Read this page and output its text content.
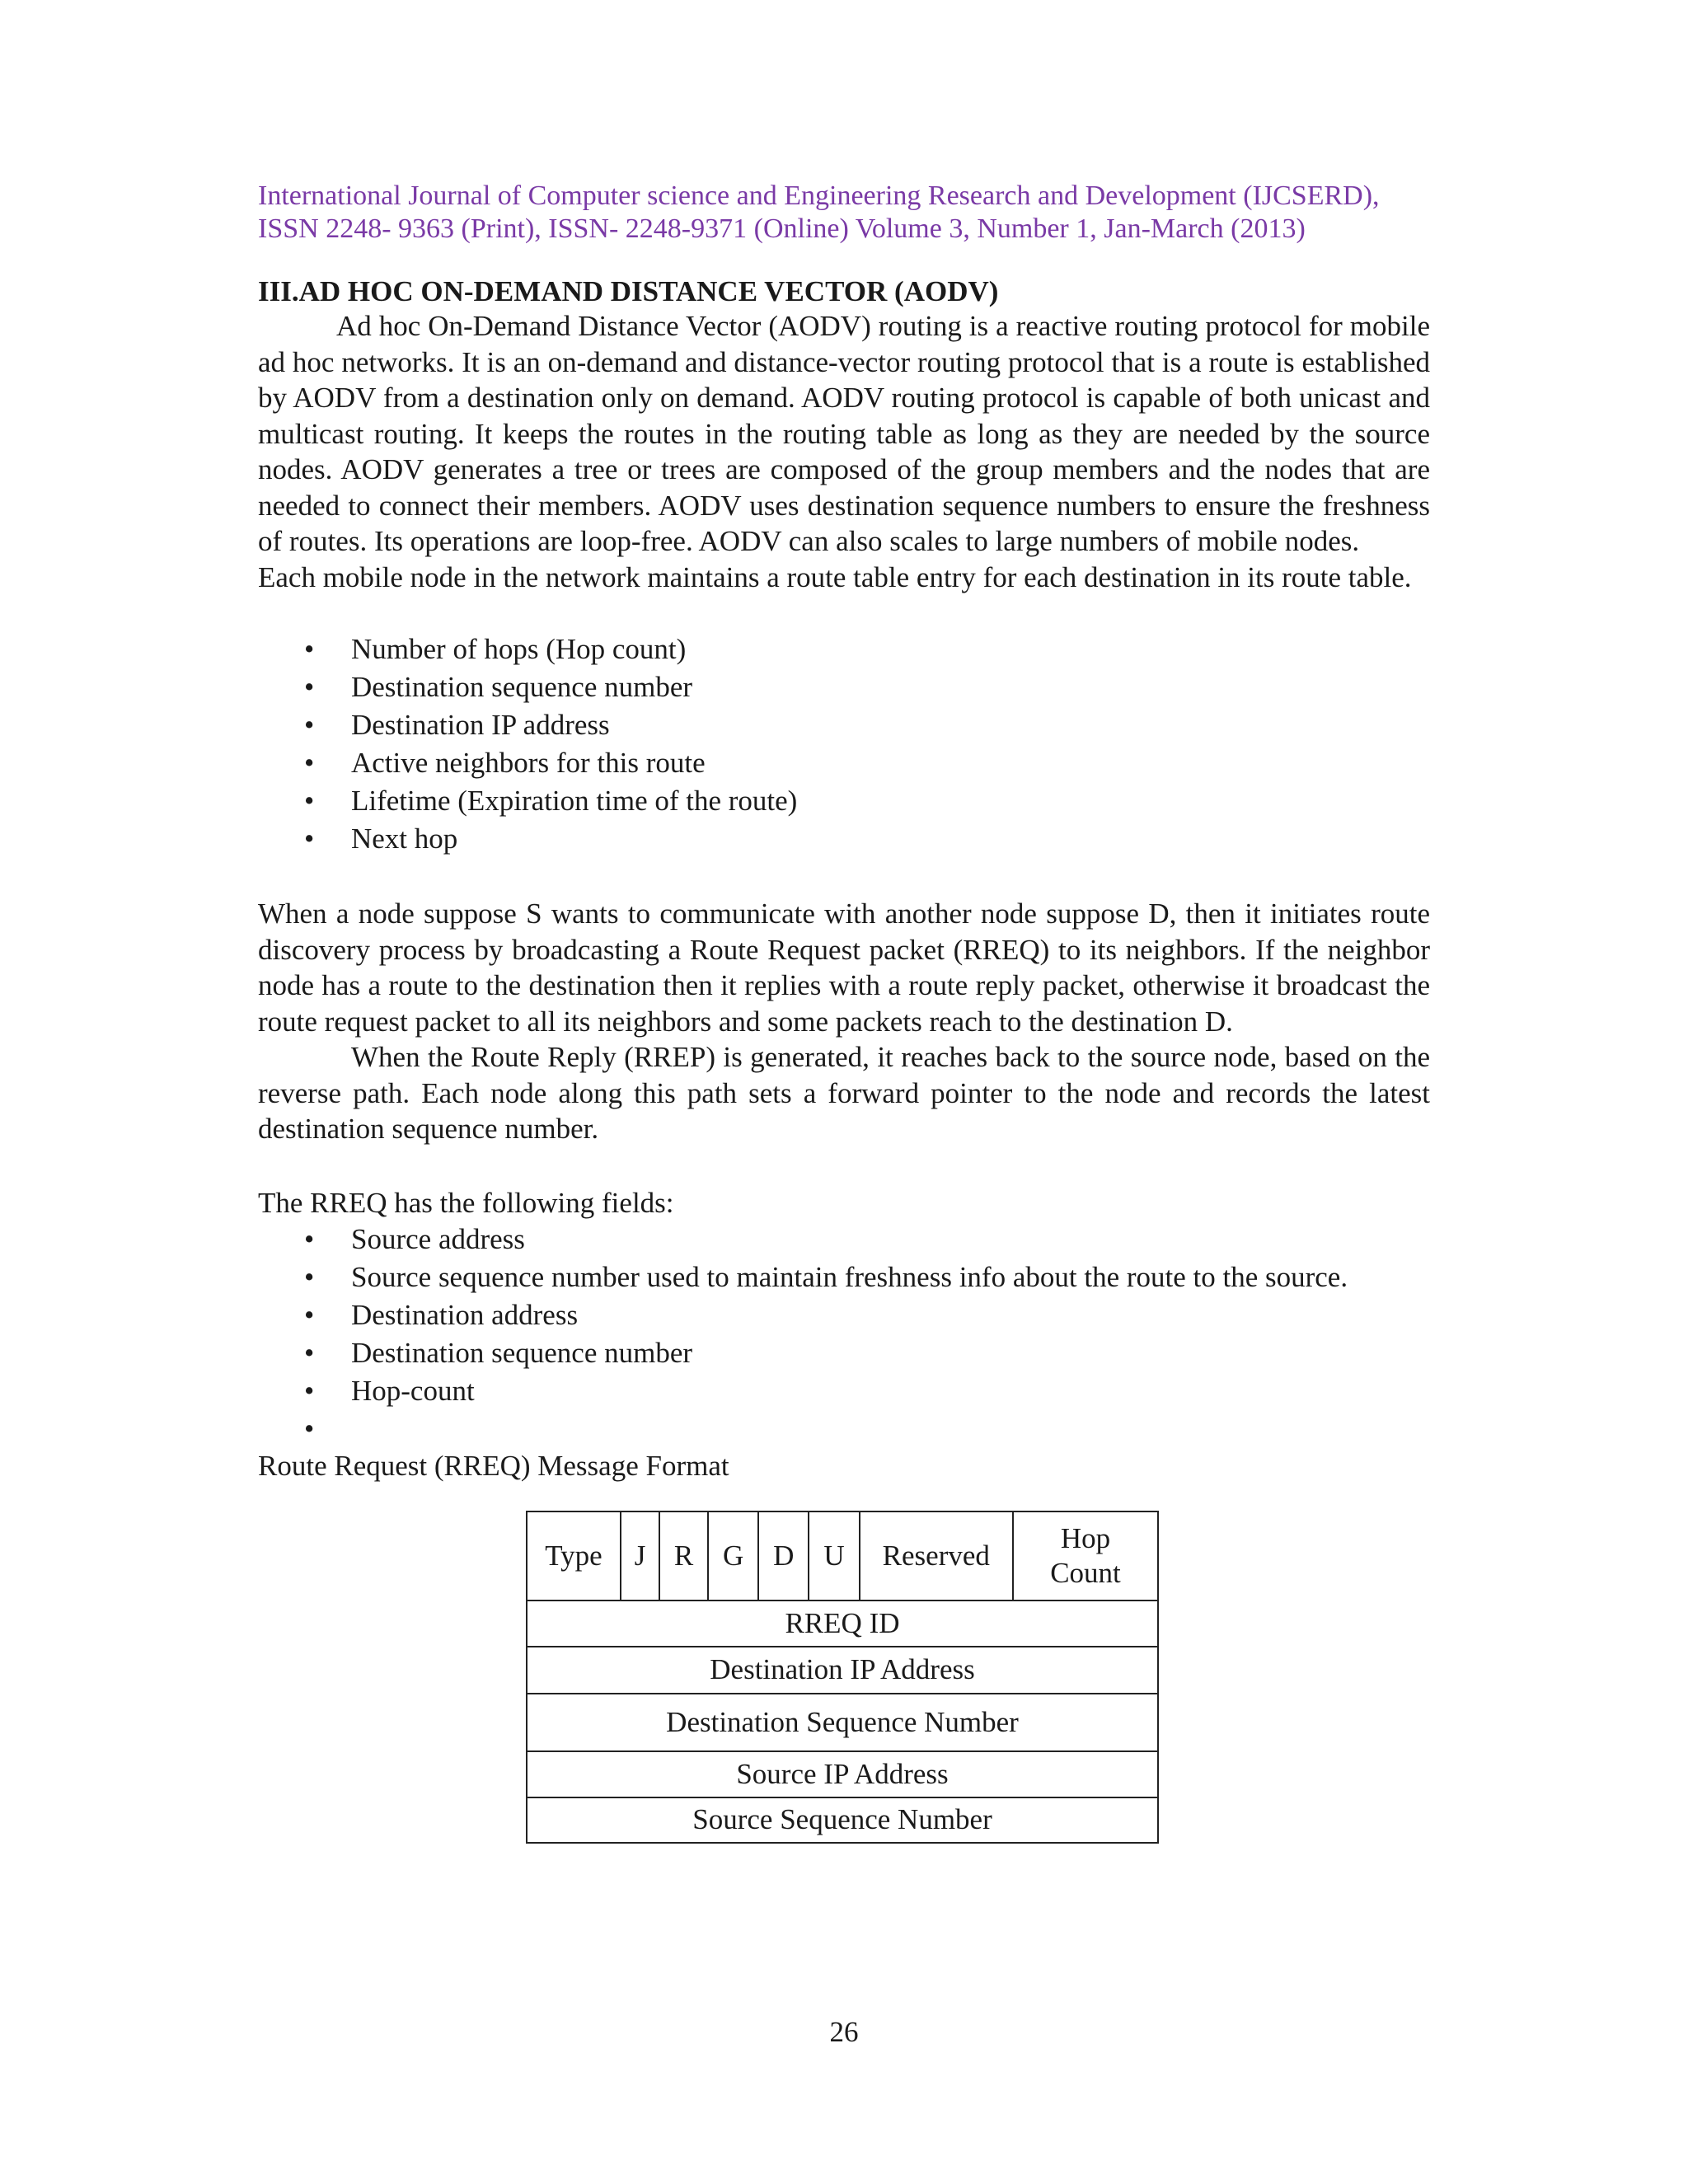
International Journal of Computer science and Engineering Research and Development (IJCSERD),
ISSN 2248- 9363 (Print), ISSN- 2248-9371 (Online) Volume 3, Number 1, Jan-March (2013)
III.AD HOC ON-DEMAND DISTANCE VECTOR (AODV)

Ad hoc On-Demand Distance Vector (AODV) routing is a reactive routing protocol for mobile ad hoc networks. It is an on-demand and distance-vector routing protocol that is a route is established by AODV from a destination only on demand. AODV routing protocol is capable of both unicast and multicast routing. It keeps the routes in the routing table as long as they are needed by the source nodes. AODV generates a tree or trees are composed of the group members and the nodes that are needed to connect their members. AODV uses destination sequence numbers to ensure the freshness of routes. Its operations are loop-free. AODV can also scales to large numbers of mobile nodes.

Each mobile node in the network maintains a route table entry for each destination in its route table.

• Number of hops (Hop count)
• Destination sequence number
• Destination IP address
• Active neighbors for this route
• Lifetime (Expiration time of the route)
• Next hop

When a node suppose S wants to communicate with another node suppose D, then it initiates route discovery process by broadcasting a Route Request packet (RREQ) to its neighbors. If the neighbor node has a route to the destination then it replies with a route reply packet, otherwise it broadcast the route request packet to all its neighbors and some packets reach to the destination D.

When the Route Reply (RREP) is generated, it reaches back to the source node, based on the reverse path. Each node along this path sets a forward pointer to the node and records the latest destination sequence number.

The RREQ has the following fields:
• Source address
• Source sequence number used to maintain freshness info about the route to the source.
• Destination address
• Destination sequence number
• Hop-count
•

Route Request (RREQ) Message Format
Type	J	R	G	D	U	Reserved	Hop Count
RREQ ID
Destination IP Address
Destination Sequence Number
Source IP Address
Source Sequence Number
26
